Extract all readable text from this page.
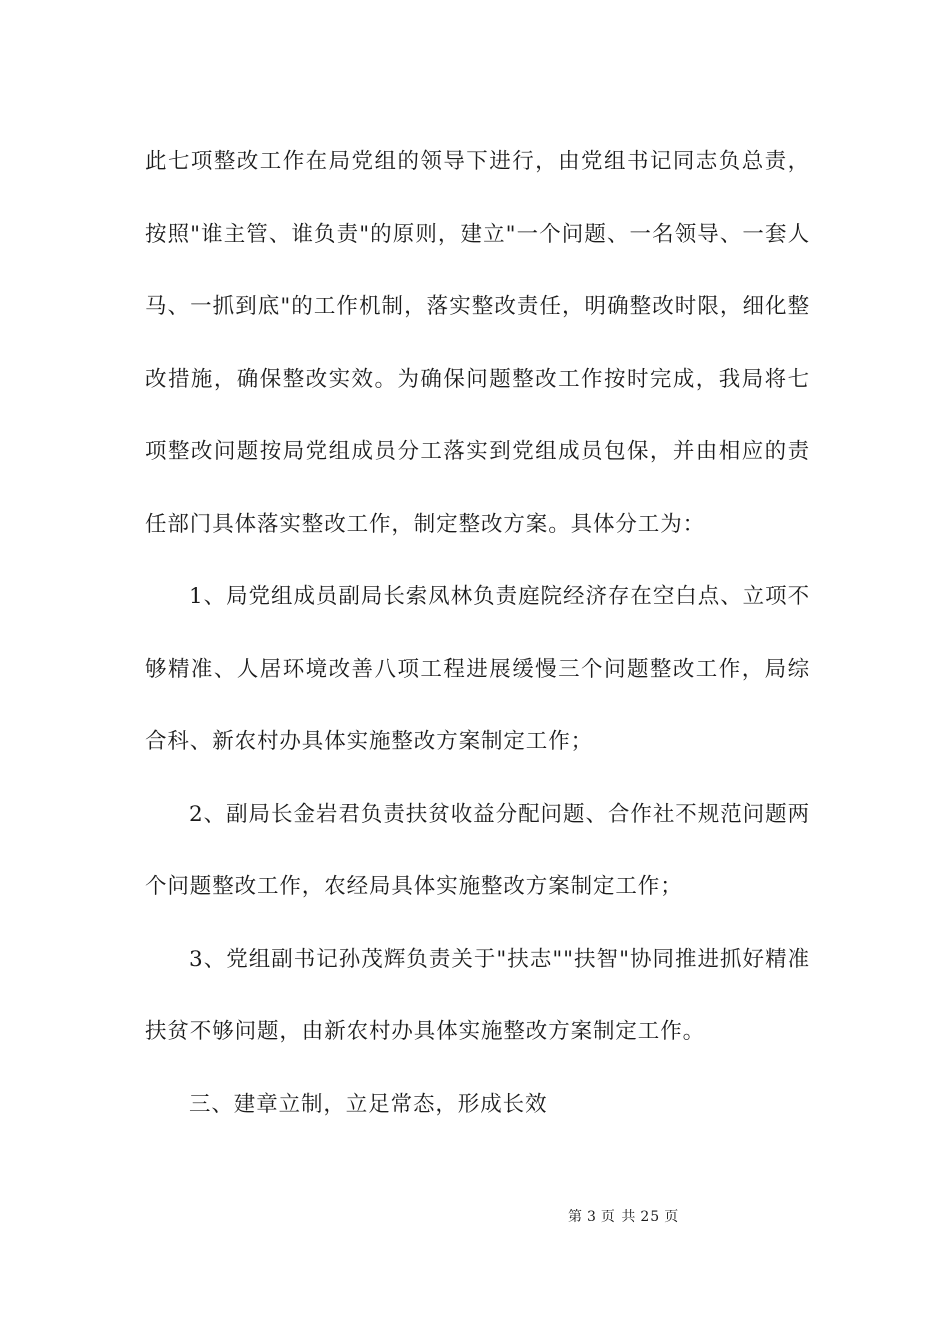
此七项整改工作在局党组的领导下进行，由党组书记同志负总责，按照"谁主管、谁负责"的原则，建立"一个问题、一名领导、一套人马、一抓到底"的工作机制，落实整改责任，明确整改时限，细化整改措施，确保整改实效。为确保问题整改工作按时完成，我局将七项整改问题按局党组成员分工落实到党组成员包保，并由相应的责任部门具体落实整改工作，制定整改方案。具体分工为：

1、局党组成员副局长索凤林负责庭院经济存在空白点、立项不够精准、人居环境改善八项工程进展缓慢三个问题整改工作，局综合科、新农村办具体实施整改方案制定工作；

2、副局长金岩君负责扶贫收益分配问题、合作社不规范问题两个问题整改工作，农经局具体实施整改方案制定工作；

3、党组副书记孙茂辉负责关于"扶志""扶智"协同推进抓好精准扶贫不够问题，由新农村办具体实施整改方案制定工作。

三、建章立制，立足常态，形成长效

第 3 页 共 25 页
